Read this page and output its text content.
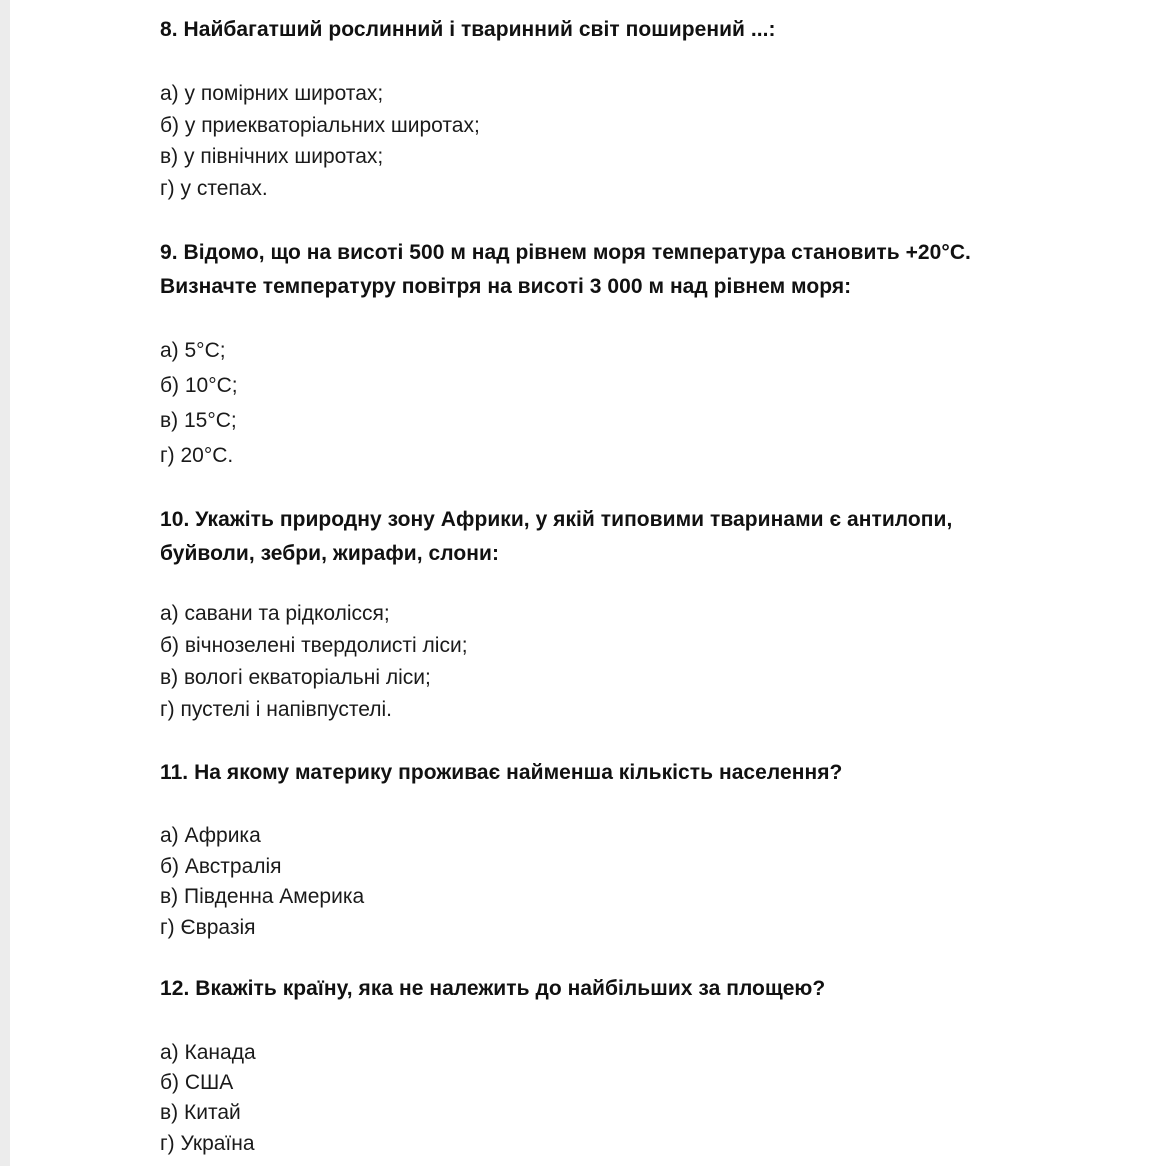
8. Найбагатший рослинний і тваринний світ поширений ...:
а) у помірних широтах;
б) у приекваторіальних широтах;
в) у північних широтах;
г) у степах.
9. Відомо, що на висоті 500 м над рівнем моря температура становить +20°С.
Визначте температуру повітря на висоті 3 000 м над рівнем моря:
а) 5°С;
б) 10°С;
в) 15°С;
г) 20°С.
10. Укажіть природну зону Африки, у якій типовими тваринами є антилопи,
буйволи, зебри, жирафи, слони:
а) савани та рідколісся;
б) вічнозелені твердолисті ліси;
в) вологі екваторіальні ліси;
г) пустелі і напівпустелі.
11. На якому материку проживає найменша кількість населення?
а) Африка
б) Австралія
в) Південна Америка
г) Євразія
12. Вкажіть країну, яка не належить до найбільших за площею?
а) Канада
б) США
в) Китай
г) Україна
